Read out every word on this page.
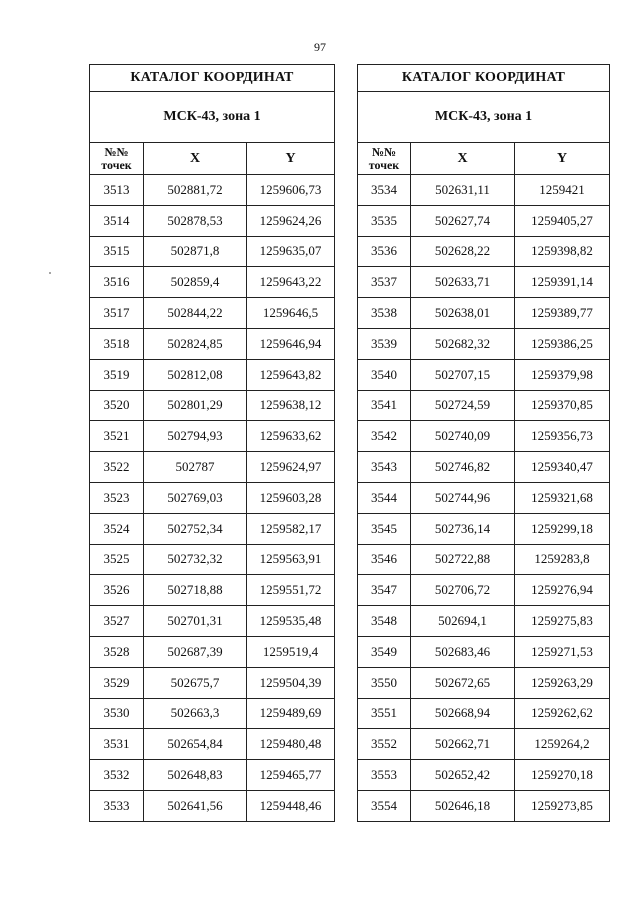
97
КАТАЛОГ КООРДИНАТ		
МСК-43, зона 1		
№№ точек	X	Y
3513	502881,72	1259606,73
3514	502878,53	1259624,26
3515	502871,8	1259635,07
3516	502859,4	1259643,22
3517	502844,22	1259646,5
3518	502824,85	1259646,94
3519	502812,08	1259643,82
3520	502801,29	1259638,12
3521	502794,93	1259633,62
3522	502787	1259624,97
3523	502769,03	1259603,28
3524	502752,34	1259582,17
3525	502732,32	1259563,91
3526	502718,88	1259551,72
3527	502701,31	1259535,48
3528	502687,39	1259519,4
3529	502675,7	1259504,39
3530	502663,3	1259489,69
3531	502654,84	1259480,48
3532	502648,83	1259465,77
3533	502641,56	1259448,46
КАТАЛОГ КООРДИНАТ		
МСК-43, зона 1		
№№ точек	X	Y
3534	502631,11	1259421
3535	502627,74	1259405,27
3536	502628,22	1259398,82
3537	502633,71	1259391,14
3538	502638,01	1259389,77
3539	502682,32	1259386,25
3540	502707,15	1259379,98
3541	502724,59	1259370,85
3542	502740,09	1259356,73
3543	502746,82	1259340,47
3544	502744,96	1259321,68
3545	502736,14	1259299,18
3546	502722,88	1259283,8
3547	502706,72	1259276,94
3548	502694,1	1259275,83
3549	502683,46	1259271,53
3550	502672,65	1259263,29
3551	502668,94	1259262,62
3552	502662,71	1259264,2
3553	502652,42	1259270,18
3554	502646,18	1259273,85
